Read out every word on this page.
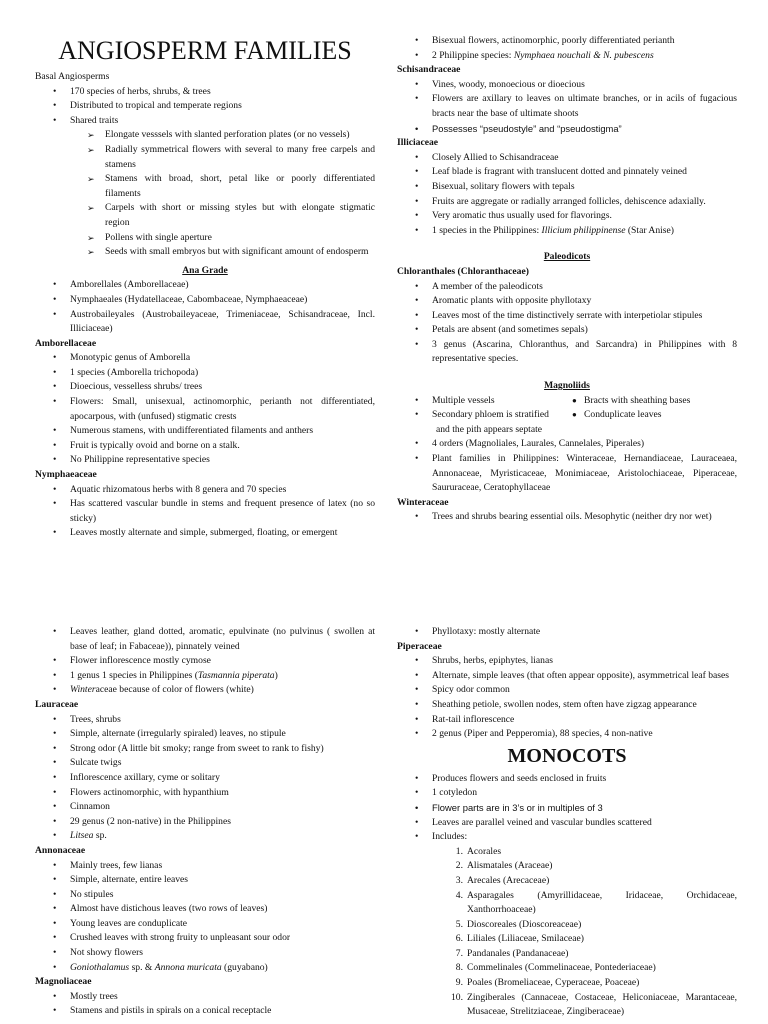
ANGIOSPERM FAMILIES
Basal Angiosperms
• 170 species of herbs, shrubs, & trees
• Distributed to tropical and temperate regions
• Shared traits
➢ Elongate vesssels with slanted perforation plates (or no vessels)
➢ Radially symmetrical flowers with several to many free carpels and stamens
➢ Stamens with broad, short, petal like or poorly differentiated filaments
➢ Carpels with short or missing styles but with elongate stigmatic region
➢ Pollens with single aperture
➢ Seeds with small embryos but with significant amount of endosperm
Ana Grade
• Amborellales (Amborellaceae)
• Nymphaeales (Hydatellaceae, Cabombaceae, Nymphaeaceae)
• Austrobaileyales (Austrobaileyaceae, Trimeniaceae, Schisandraceae, Incl. Illiciaceae)
Amborellaceae
• Monotypic genus of Amborella
• 1 species (Amborella trichopoda)
• Dioecious, vesselless shrubs/ trees
• Flowers: Small, unisexual, actinomorphic, perianth not differentiated, apocarpous, with (unfused) stigmatic crests
• Numerous stamens, with undifferentiated filaments and anthers
• Fruit is typically ovoid and borne on a stalk.
• No Philippine representative species
Nymphaeaceae
• Aquatic rhizomatous herbs with 8 genera and 70 species
• Has scattered vascular bundle in stems and frequent presence of latex (no so sticky)
• Leaves mostly alternate and simple, submerged, floating, or emergent
• Bisexual flowers, actinomorphic, poorly differentiated perianth
• 2 Philippine species: Nymphaea nouchali & N. pubescens
Schisandraceae
• Vines, woody, monoecious or dioecious
• Flowers are axillary to leaves on ultimate branches, or in acils of fugacious bracts near the base of ultimate shoots
• Possesses “pseudostyle” and “pseudostigma”
Illiciaceae
• Closely Allied to Schisandraceae
• Leaf blade is fragrant with translucent dotted and pinnately veined
• Bisexual, solitary flowers with tepals
• Fruits are aggregate or radially arranged follicles, dehiscence adaxially.
• Very aromatic thus usually used for flavorings.
• 1 species in the Philippines: Illicium philippinense (Star Anise)
Paleodicots
Chloranthales (Chloranthaceae)
• A member of the paleodicots
• Aromatic plants with opposite phyllotaxy
• Leaves most of the time distinctively serrate with interpetiolar stipules
• Petals are absent (and sometimes sepals)
• 3 genus (Ascarina, Chloranthus, and Sarcandra) in Philippines with 8 representative species.
Magnoliids
• Multiple vessels	● Bracts with sheathing bases
• Secondary phloem is stratified	● Conduplicate leaves
and the pith appears septate
• 4 orders (Magnoliales, Laurales, Cannelales, Piperales)
• Plant families in Philippines: Winteraceae, Hernandiaceae, Lauraceaea, Annonaceae, Myristicaceae, Monimiaceae, Aristolochiaceae, Piperaceae, Saururaceae, Ceratophyllaceae
Winteraceae
• Trees and shrubs bearing essential oils. Mesophytic (neither dry nor wet)
• Leaves leather, gland dotted, aromatic, epulvinate (no pulvinus ( swollen at base of leaf; in Fabaceae)), pinnately veined
• Flower inflorescence mostly cymose
• 1 genus 1 species in Philippines (Tasmannia piperata)
• Winteraceae because of color of flowers (white)
Lauraceae
• Trees, shrubs
• Simple, alternate (irregularly spiraled) leaves, no stipule
• Strong odor (A little bit smoky; range from sweet to rank to fishy)
• Sulcate twigs
• Inflorescence axillary, cyme or solitary
• Flowers actinomorphic, with hypanthium
• Cinnamon
• 29 genus (2 non-native) in the Philippines
• Litsea sp.
Annonaceae
• Mainly trees, few lianas
• Simple, alternate, entire leaves
• No stipules
• Almost have distichous leaves (two rows of leaves)
• Young leaves are conduplicate
• Crushed leaves with strong fruity to unpleasant sour odor
• Not showy flowers
• Goniothalamus sp. & Annona muricata (guyabano)
Magnoliaceae
• Mostly trees
• Stamens and pistils in spirals on a conical receptacle
• Phyllotaxy: mostly alternate
Piperaceae
• Shrubs, herbs, epiphytes, lianas
• Alternate, simple leaves (that often appear opposite), asymmetrical leaf bases
• Spicy odor common
• Sheathing petiole, swollen nodes, stem often have zigzag appearance
• Rat-tail inflorescence
• 2 genus (Piper and Pepperomia), 88 species, 4 non-native
MONOCOTS
• Produces flowers and seeds enclosed in fruits
• 1 cotyledon
• Flower parts are in 3’s or in multiples of 3
• Leaves are parallel veined and vascular bundles scattered
• Includes:
1. Acorales
2. Alismatales (Araceae)
3. Arecales (Arecaceae)
4. Asparagales (Amyrillidaceae, Iridaceae, Orchidaceae, Xanthorrhoaceae)
5. Dioscoreales (Dioscoreaceae)
6. Liliales (Liliaceae, Smilaceae)
7. Pandanales (Pandanaceae)
8. Commelinales (Commelinaceae, Pontederiaceae)
9. Poales (Bromeliaceae, Cyperaceae, Poaceae)
10. Zingiberales (Cannaceae, Costaceae, Heliconiaceae, Marantaceae, Musaceae, Strelitziaceae, Zingiberaceae)
